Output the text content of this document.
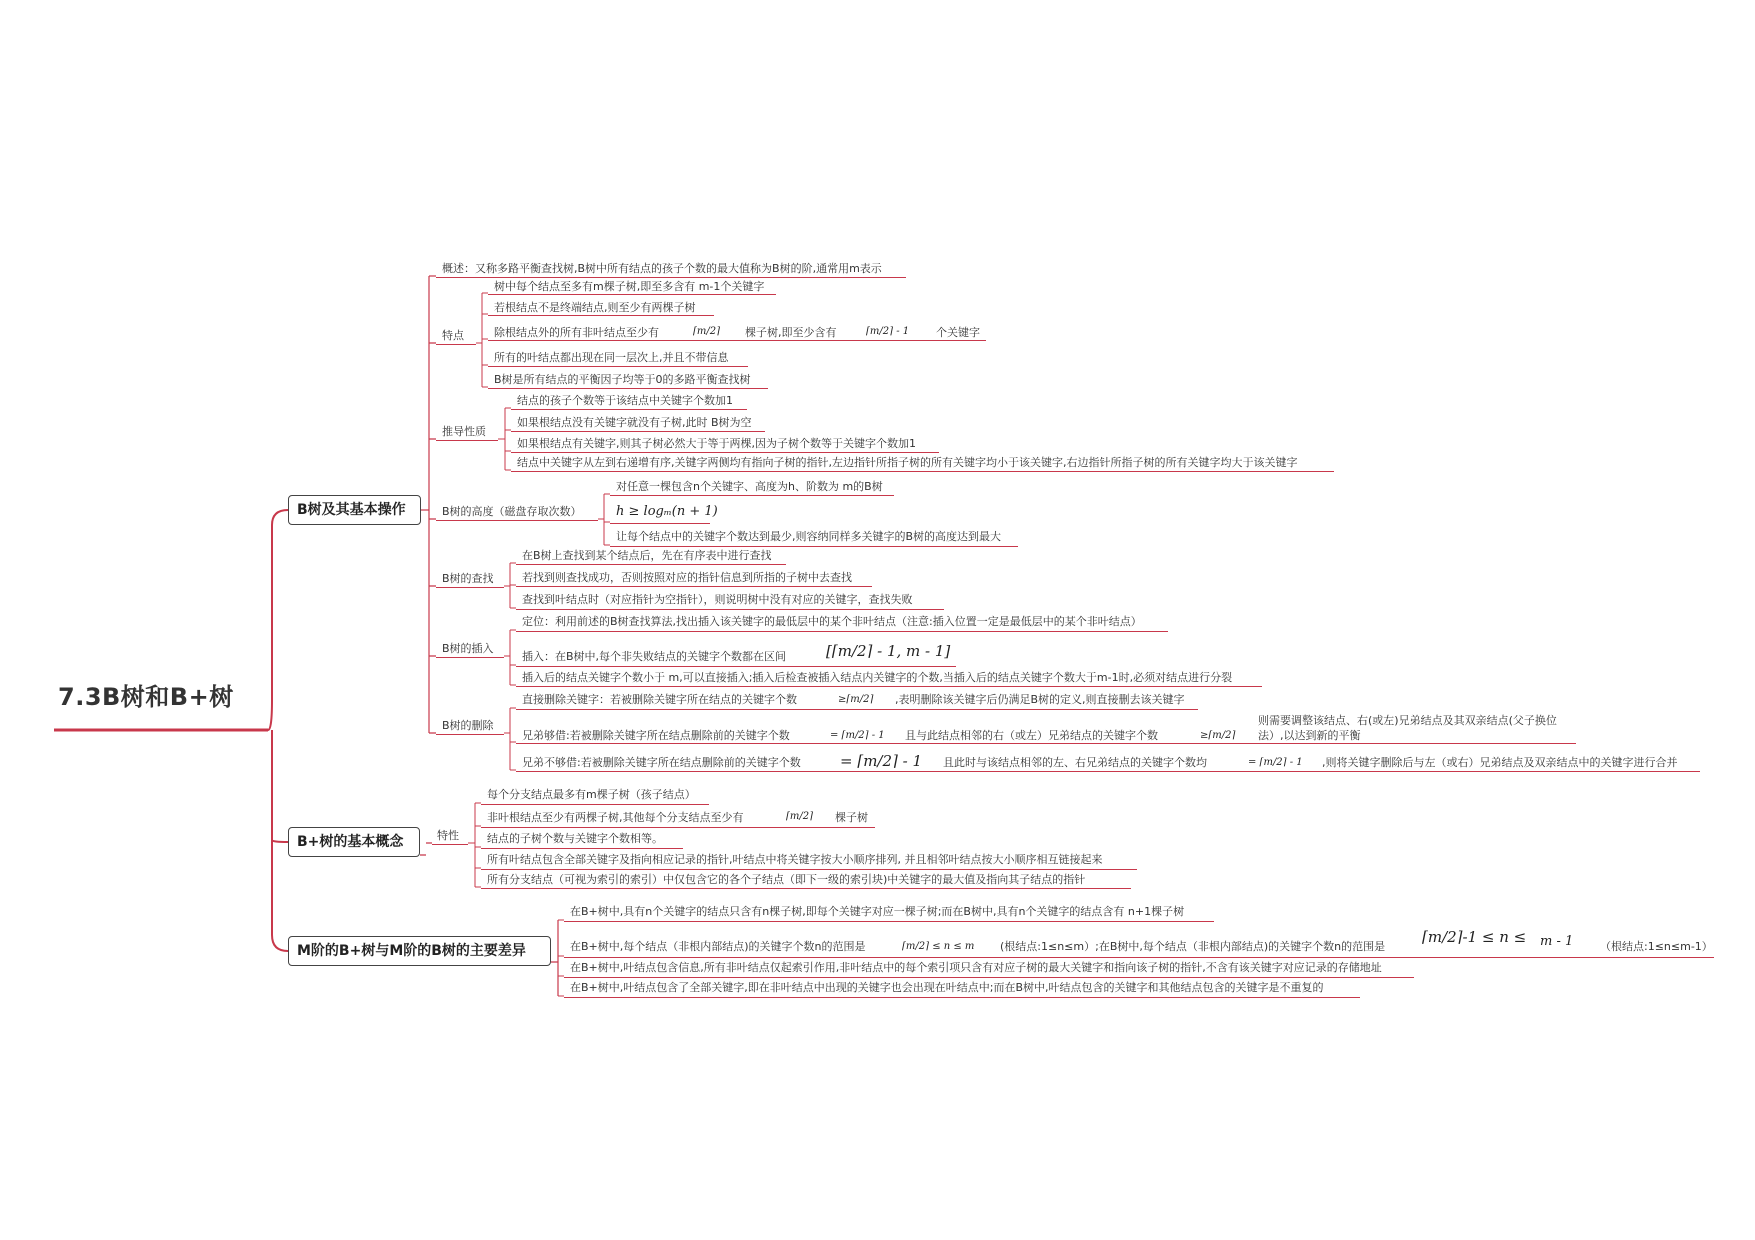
7.3B树和B+树
B树及其基本操作
B+树的基本概念
M阶的B+树与M阶的B树的主要差异
概述：又称多路平衡查找树,B树中所有结点的孩子个数的最大值称为B树的阶,通常用m表示
特点
树中每个结点至多有m棵子树,即至多含有 m-1个关键字
若根结点不是终端结点,则至少有两棵子树
除根结点外的所有非叶结点至少有	⌈m/2⌉ 棵子树,即至少含有	⌈m/2⌉ - 1 个关键字
所有的叶结点都出现在同一层次上,并且不带信息
B树是所有结点的平衡因子均等于0的多路平衡查找树
推导性质
结点的孩子个数等于该结点中关键字个数加1
如果根结点没有关键字就没有子树,此时 B树为空
如果根结点有关键字,则其子树必然大于等于两棵,因为子树个数等于关键字个数加1
结点中关键字从左到右递增有序,关键字两侧均有指向子树的指针,左边指针所指子树的所有关键字均小于该关键字,右边指针所指子树的所有关键字均大于该关键字
B树的高度（磁盘存取次数）
对任意一棵包含n个关键字、高度为h、阶数为 m的B树
h ≥ logₘ(n + 1)
让每个结点中的关键字个数达到最少,则容纳同样多关键字的B树的高度达到最大
B树的查找
在B树上查找到某个结点后，先在有序表中进行查找
若找到则查找成功，否则按照对应的指针信息到所指的子树中去查找
查找到叶结点时（对应指针为空指针），则说明树中没有对应的关键字，查找失败
B树的插入
定位：利用前述的B树查找算法,找出插入该关键字的最低层中的某个非叶结点（注意:插入位置一定是最低层中的某个非叶结点）
插入：在B树中,每个非失败结点的关键字个数都在区间	[⌈m/2⌉ - 1, m - 1]
插入后的结点关键字个数小于 m,可以直接插入;插入后检查被插入结点内关键字的个数,当插入后的结点关键字个数大于m-1时,必须对结点进行分裂
B树的删除
直接删除关键字：若被删除关键字所在结点的关键字个数	≥⌈m/2⌉ ,表明删除该关键字后仍满足B树的定义,则直接删去该关键字
兄弟够借:若被删除关键字所在结点删除前的关键字个数	= ⌈m/2⌉ - 1 且与此结点相邻的右（或左）兄弟结点的关键字个数	≥⌈m/2⌉
则需要调整该结点、右(或左)兄弟结点及其双亲结点(父子换位
法）,以达到新的平衡
兄弟不够借:若被删除关键字所在结点删除前的关键字个数	= ⌈m/2⌉ - 1 且此时与该结点相邻的左、右兄弟结点的关键字个数均	= ⌈m/2⌉ - 1 ,则将关键字删除后与左（或右）兄弟结点及双亲结点中的关键字进行合并
特性
每个分支结点最多有m棵子树（孩子结点）
非叶根结点至少有两棵子树,其他每个分支结点至少有	⌈m/2⌉ 棵子树
结点的子树个数与关键字个数相等。
所有叶结点包含全部关键字及指向相应记录的指针,叶结点中将关键字按大小顺序排列, 并且相邻叶结点按大小顺序相互链接起来
所有分支结点（可视为索引的索引）中仅包含它的各个子结点（即下一级的索引块)中关键字的最大值及指向其子结点的指针
在B+树中,具有n个关键字的结点只含有n棵子树,即每个关键字对应一棵子树;而在B树中,具有n个关键字的结点含有 n+1棵子树
在B+树中,每个结点（非根内部结点)的关键字个数n的范围是	⌈m/2⌉ ≤ n ≤ m (根结点:1≤n≤m）;在B树中,每个结点（非根内部结点)的关键字个数n的范围是
⌈m/2⌉-1 ≤ n ≤ m - 1 （根结点:1≤n≤m-1）
在B+树中,叶结点包含信息,所有非叶结点仅起索引作用,非叶结点中的每个索引项只含有对应子树的最大关键字和指向该子树的指针,不含有该关键字对应记录的存储地址
在B+树中,叶结点包含了全部关键字,即在非叶结点中出现的关键字也会出现在叶结点中;而在B树中,叶结点包含的关键字和其他结点包含的关键字是不重复的
